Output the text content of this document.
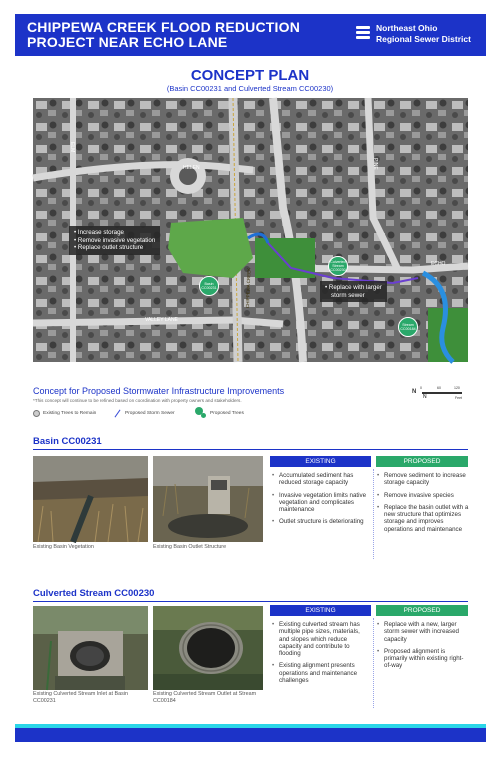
CHIPPEWA CREEK FLOOD REDUCTION
PROJECT NEAR ECHO LANE
Northeast Ohio
Regional Sewer District
CONCEPT PLAN
(Basin CC00231 and Culverted Stream CC00230)
N
HELEN
ECHO
VALLEY LANE
ELM
PINE
CHIPPEWA CREEK
• Increase storage
• Remove invasive vegetation
• Replace outlet structure
• Replace with larger
storm sewer
Basin CC00231
Culverted Stream CC00230
Stream CC00184
N
0	60	120
Feet
Concept for Proposed Stormwater Infrastructure Improvements
*This concept will continue to be refined based on coordination with property owners and stakeholders.
Existing Trees to Remain	Proposed Storm Sewer	Proposed Trees
Basin CC00231
Existing Basin Vegetation	Existing Basin Outlet Structure
EXISTING	PROPOSED
• Accumulated sediment has reduced storage capacity
• Invasive vegetation limits native vegetation and complicates maintenance
• Outlet structure is deteriorating
• Remove sediment to increase storage capacity
• Remove invasive species
• Replace the basin outlet with a new structure that optimizes storage and improves operations and maintenance
Culverted Stream CC00230
Existing Culverted Stream Inlet at Basin CC00231
Existing Culverted Stream Outlet at Stream CC00184
EXISTING	PROPOSED
• Existing culverted stream has multiple pipe sizes, materials, and slopes which reduce capacity and contribute to flooding
• Existing alignment presents operations and maintenance challenges
• Replace with a new, larger storm sewer with increased capacity
• Proposed alignment is primarily within existing right-of-way
